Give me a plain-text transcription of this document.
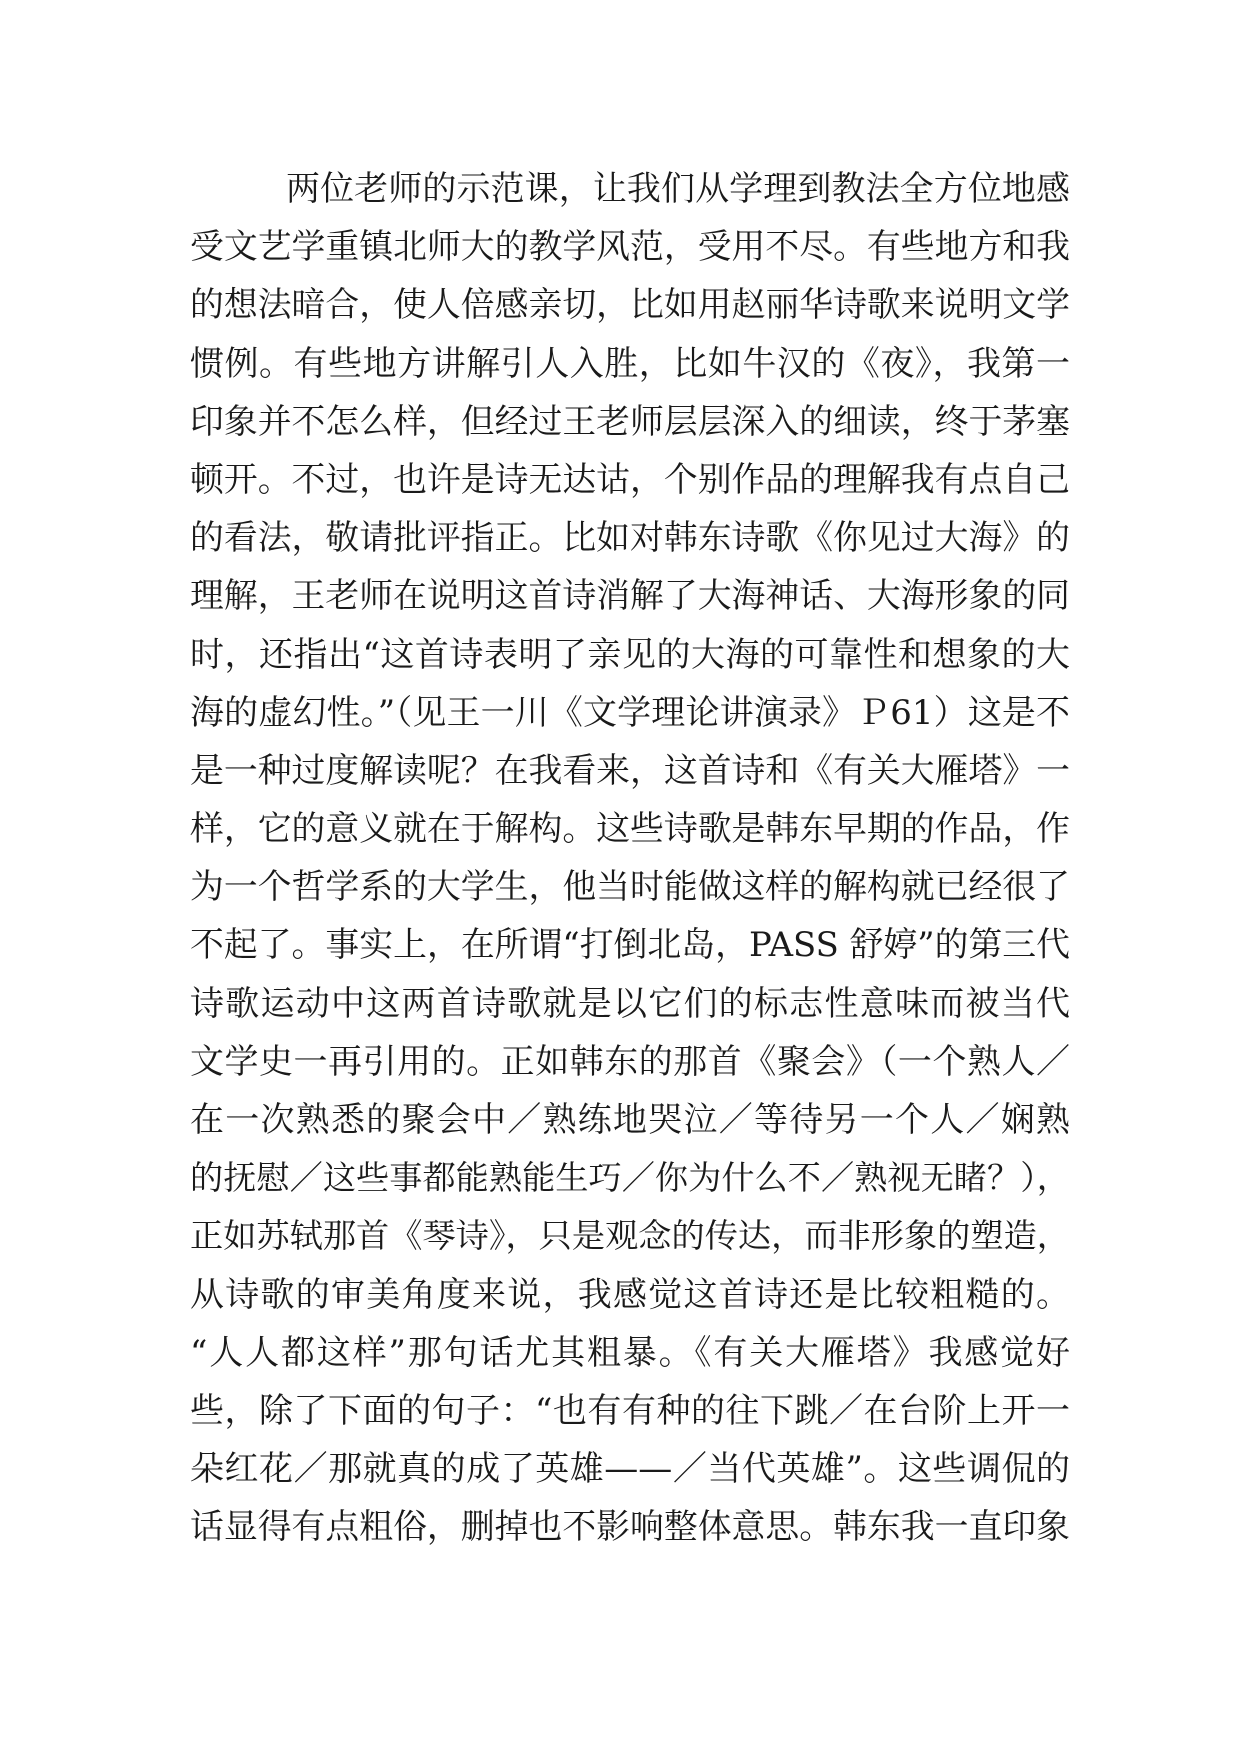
两位老师的示范课，让我们从学理到教法全方位地感
受文艺学重镇北师大的教学风范，受用不尽。有些地方和我
的想法暗合，使人倍感亲切，比如用赵丽华诗歌来说明文学
惯例。有些地方讲解引人入胜，比如牛汉的《夜》，我第一
印象并不怎么样，但经过王老师层层深入的细读，终于茅塞
顿开。不过，也许是诗无达诂，个别作品的理解我有点自己
的看法，敬请批评指正。比如对韩东诗歌《你见过大海》的
理解，王老师在说明这首诗消解了大海神话、大海形象的同
时，还指出“这首诗表明了亲见的大海的可靠性和想象的大
海的虚幻性。”（见王一川《文学理论讲演录》Ｐ61）这是不
是一种过度解读呢？在我看来，这首诗和《有关大雁塔》一
样，它的意义就在于解构。这些诗歌是韩东早期的作品，作
为一个哲学系的大学生，他当时能做这样的解构就已经很了
不起了。事实上，在所谓“打倒北岛，PASS 舒婷”的第三代
诗歌运动中这两首诗歌就是以它们的标志性意味而被当代
文学史一再引用的。正如韩东的那首《聚会》（一个熟人／
在一次熟悉的聚会中／熟练地哭泣／等待另一个人／娴熟
的抚慰／这些事都能熟能生巧／你为什么不／熟视无睹？），
正如苏轼那首《琴诗》，只是观念的传达，而非形象的塑造，
从诗歌的审美角度来说，我感觉这首诗还是比较粗糙的。
“人人都这样”那句话尤其粗暴。《有关大雁塔》我感觉好
些，除了下面的句子：“也有有种的往下跳／在台阶上开一
朵红花／那就真的成了英雄——／当代英雄”。这些调侃的
话显得有点粗俗，删掉也不影响整体意思。韩东我一直印象
